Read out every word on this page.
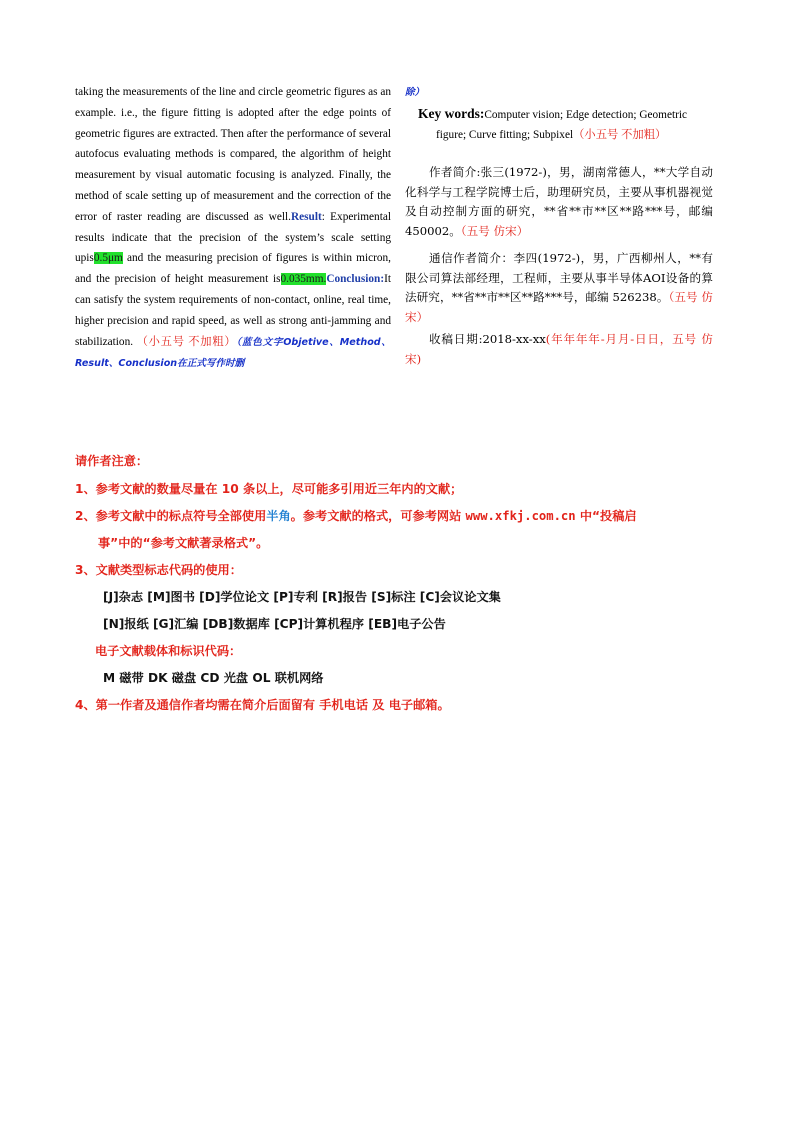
taking the measurements of the line and circle geometric figures as an example. i.e., the figure fitting is adopted after the edge points of geometric figures are extracted. Then after the performance of several autofocus evaluating methods is compared, the algorithm of height measurement by visual automatic focusing is analyzed. Finally, the method of scale setting up of measurement and the correction of the error of raster reading are discussed as well.Result: Experimental results indicate that the precision of the system’s scale setting upis0.5μm and the measuring precision of figures is within micron, and the precision of height measurement is0.035mm.Conclusion:It can satisfy the system requirements of non-contact, online, real time, higher precision and rapid speed, as well as strong anti-jamming and stabilization. （小五号 不加粗）（蓝色文字Objetive、Method、Result、Conclusion在正式写作时删

除）
Key words:Computer vision; Edge detection; Geometric
figure; Curve fitting; Subpixel（小五号 不加粗）

作者简介:张三(1972-)，男，湖南常德人，**大学自动化科学与工程学院博士后，助理研究员，主要从事机器视觉及自动控制方面的研究，**省**市**区**路***号，邮编 450002。（五号 仿宋）

通信作者简介：李四(1972-)，男，广西柳州人，**有限公司算法部经理，工程师，主要从事半导体AOI设备的算法研究，**省**市**区**路***号，邮编 526238。（五号 仿宋）

收稿日期:2018-xx-xx(年年年年-月月-日日，五号 仿宋)

请作者注意：
1、参考文献的数量尽量在 10 条以上，尽可能多引用近三年内的文献；
2、参考文献中的标点符号全部使用半角。参考文献的格式，可参考网站 www.xfkj.com.cn 中“投稿启
事”中的“参考文献著录格式”。
3、文献类型标志代码的使用：
[J]杂志 [M]图书 [D]学位论文 [P]专利 [R]报告 [S]标注 [C]会议论文集
[N]报纸 [G]汇编 [DB]数据库 [CP]计算机程序 [EB]电子公告
电子文献载体和标识代码：
M 磁带 DK 磁盘 CD 光盘 OL 联机网络
4、第一作者及通信作者均需在简介后面留有 手机电话 及 电子邮箱。
